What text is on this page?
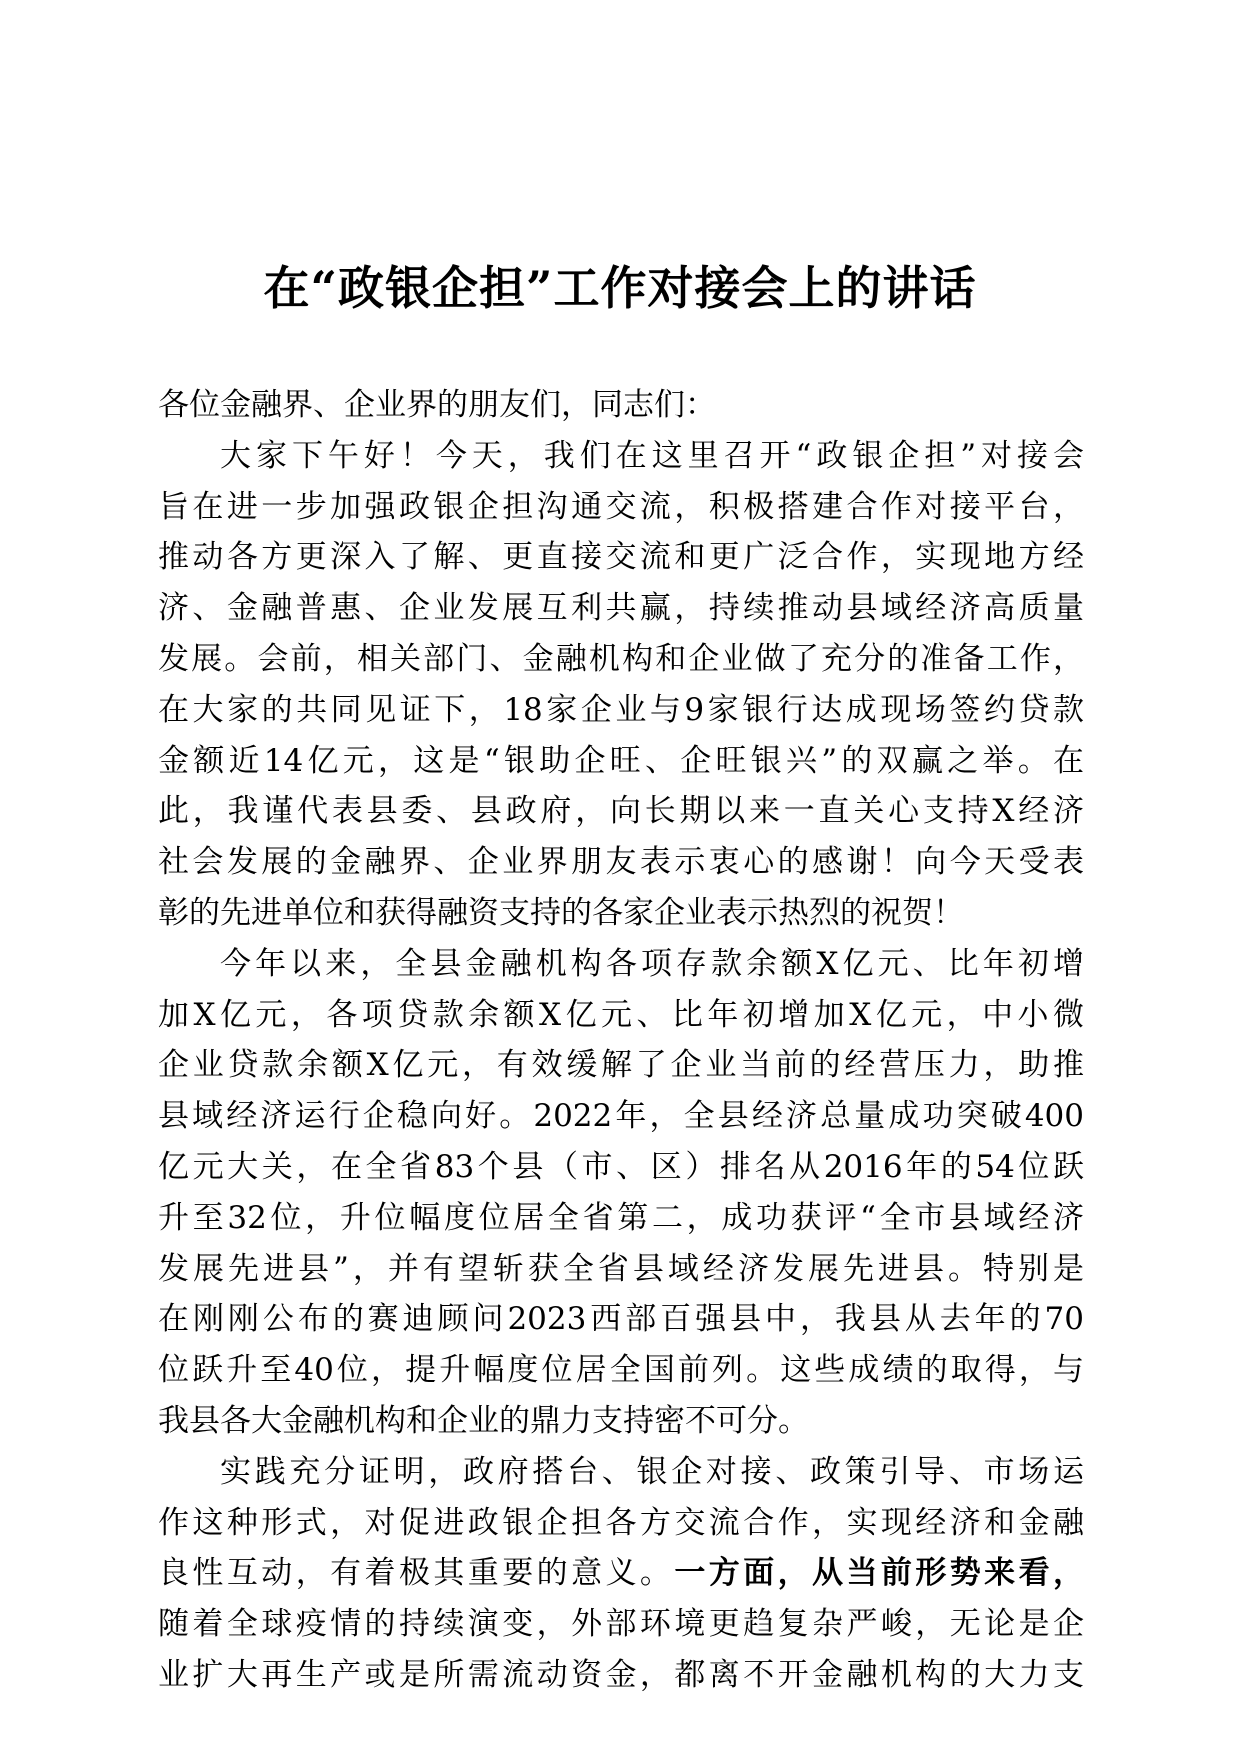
在“政银企担”工作对接会上的讲话
各位金融界、企业界的朋友们，同志们：
大家下午好！今天，我们在这里召开“政银企担”对接会
旨在进一步加强政银企担沟通交流，积极搭建合作对接平台，
推动各方更深入了解、更直接交流和更广泛合作，实现地方经
济、金融普惠、企业发展互利共赢，持续推动县域经济高质量
发展。会前，相关部门、金融机构和企业做了充分的准备工作，
在大家的共同见证下，18家企业与9家银行达成现场签约贷款
金额近14亿元，这是“银助企旺、企旺银兴”的双赢之举。在
此，我谨代表县委、县政府，向长期以来一直关心支持X经济
社会发展的金融界、企业界朋友表示衷心的感谢！向今天受表
彰的先进单位和获得融资支持的各家企业表示热烈的祝贺！
今年以来，全县金融机构各项存款余额X亿元、比年初增
加X亿元，各项贷款余额X亿元、比年初增加X亿元，中小微
企业贷款余额X亿元，有效缓解了企业当前的经营压力，助推
县域经济运行企稳向好。2022年，全县经济总量成功突破400
亿元大关，在全省83个县（市、区）排名从2016年的54位跃
升至32位，升位幅度位居全省第二，成功获评“全市县域经济
发展先进县”，并有望斩获全省县域经济发展先进县。特别是
在刚刚公布的赛迪顾问2023西部百强县中，我县从去年的70
位跃升至40位，提升幅度位居全国前列。这些成绩的取得，与
我县各大金融机构和企业的鼎力支持密不可分。
实践充分证明，政府搭台、银企对接、政策引导、市场运
作这种形式，对促进政银企担各方交流合作，实现经济和金融
良性互动，有着极其重要的意义。一方面，从当前形势来看，
随着全球疫情的持续演变，外部环境更趋复杂严峻，无论是企
业扩大再生产或是所需流动资金，都离不开金融机构的大力支
